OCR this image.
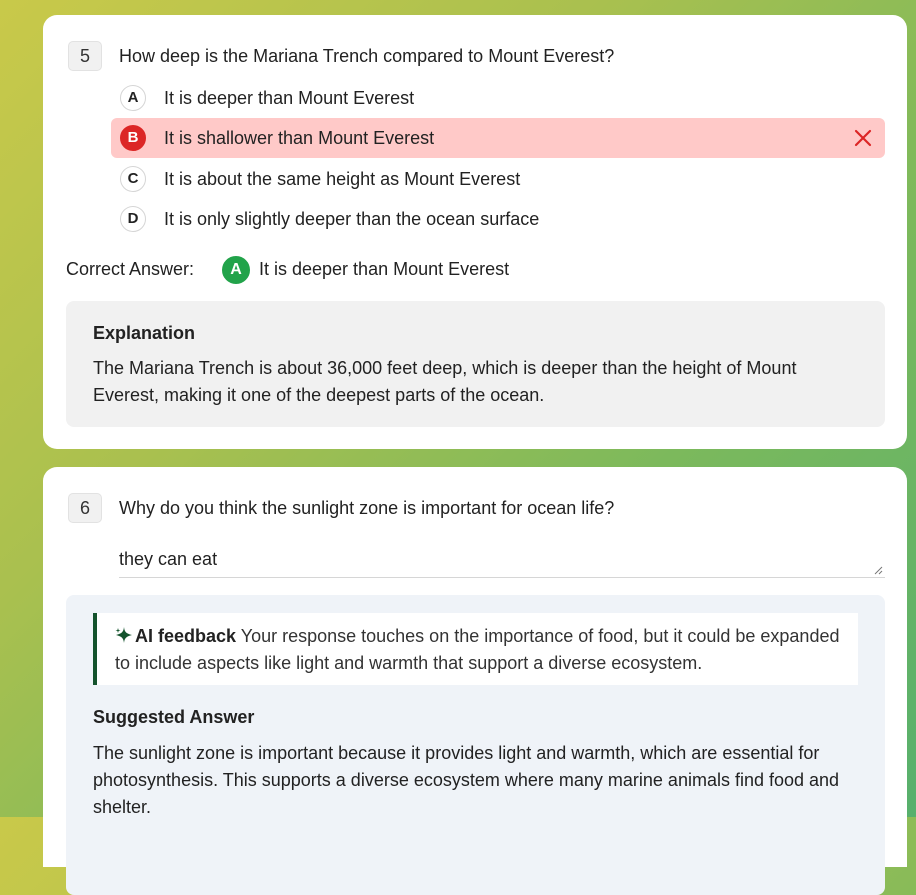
5	How deep is the Mariana Trench compared to Mount Everest?
A	It is deeper than Mount Everest
B	It is shallower than Mount Everest
C	It is about the same height as Mount Everest
D	It is only slightly deeper than the ocean surface
Correct Answer:	A It is deeper than Mount Everest
Explanation
The Mariana Trench is about 36,000 feet deep, which is deeper than the height of Mount Everest, making it one of the deepest parts of the ocean.
6	Why do you think the sunlight zone is important for ocean life?
they can eat
AI feedback Your response touches on the importance of food, but it could be expanded to include aspects like light and warmth that support a diverse ecosystem.
Suggested Answer
The sunlight zone is important because it provides light and warmth, which are essential for photosynthesis. This supports a diverse ecosystem where many marine animals find food and shelter.
